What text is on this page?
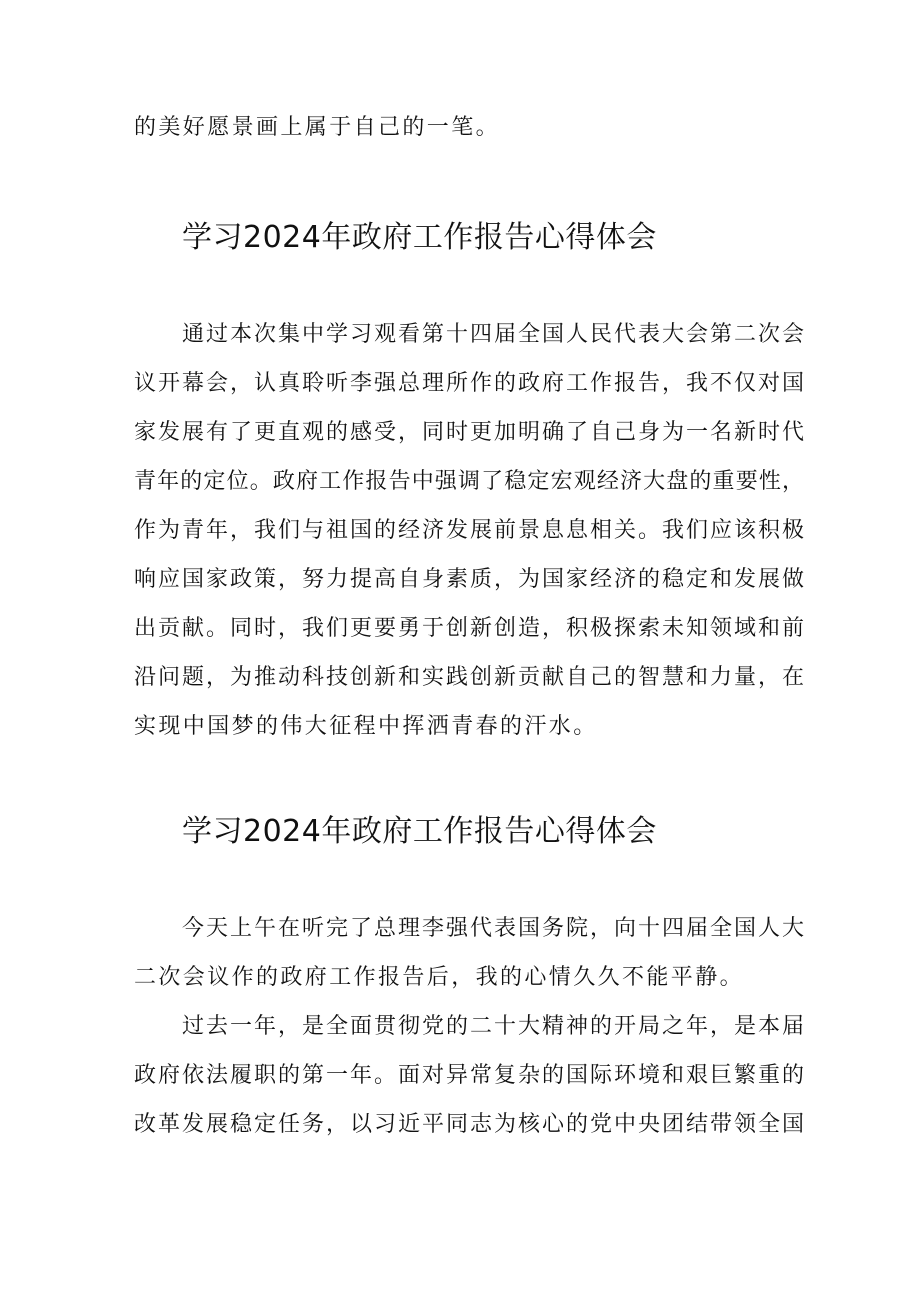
的美好愿景画上属于自己的一笔。
学习2024年政府工作报告心得体会
通过本次集中学习观看第十四届全国人民代表大会第二次会
议开幕会，认真聆听李强总理所作的政府工作报告，我不仅对国
家发展有了更直观的感受，同时更加明确了自己身为一名新时代
青年的定位。政府工作报告中强调了稳定宏观经济大盘的重要性，
作为青年，我们与祖国的经济发展前景息息相关。我们应该积极
响应国家政策，努力提高自身素质，为国家经济的稳定和发展做
出贡献。同时，我们更要勇于创新创造，积极探索未知领域和前
沿问题，为推动科技创新和实践创新贡献自己的智慧和力量，在
实现中国梦的伟大征程中挥洒青春的汗水。
学习2024年政府工作报告心得体会
今天上午在听完了总理李强代表国务院，向十四届全国人大
二次会议作的政府工作报告后，我的心情久久不能平静。
过去一年，是全面贯彻党的二十大精神的开局之年，是本届
政府依法履职的第一年。面对异常复杂的国际环境和艰巨繁重的
改革发展稳定任务，以习近平同志为核心的党中央团结带领全国
